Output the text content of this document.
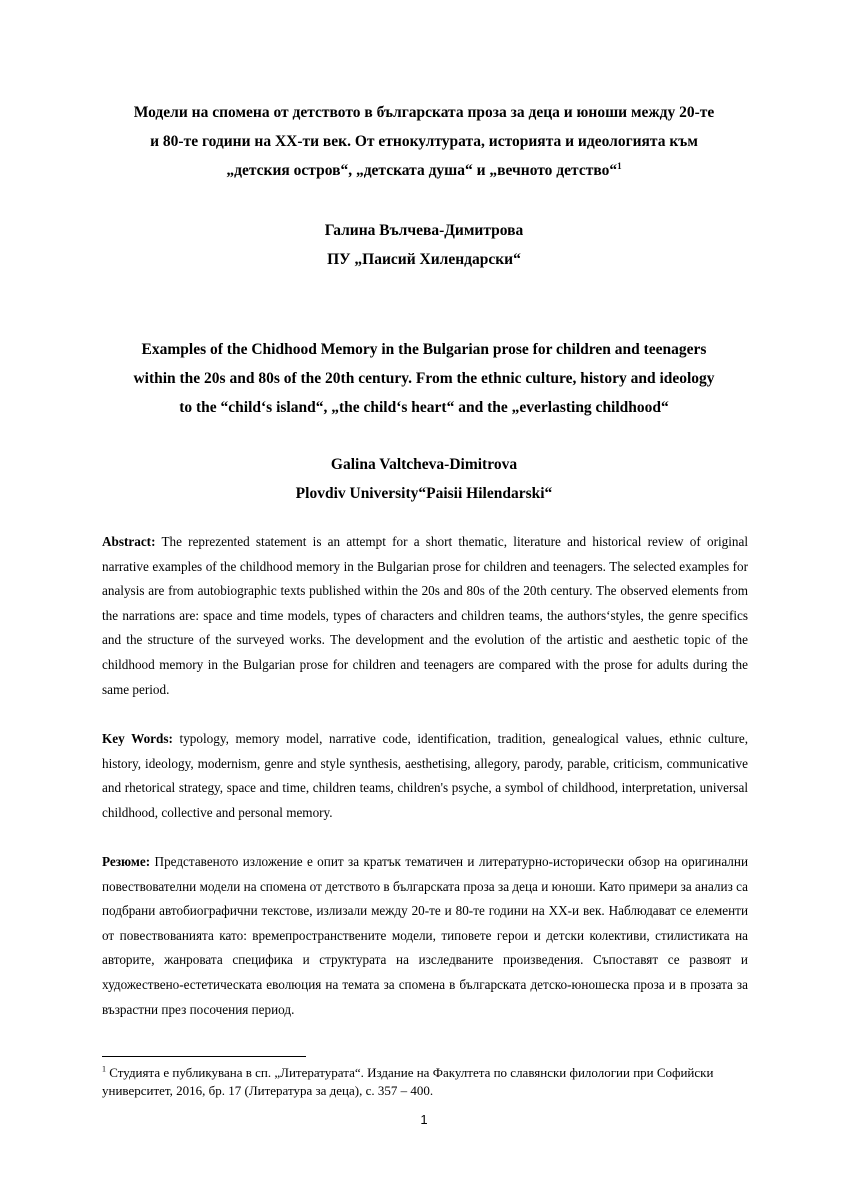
Модели на спомена от детството в българската проза за деца и юноши между 20-те
и 80-те години на XX-ти век. От етнокултурата, историята и идеологията към
„детския остров“, „детската душа“ и „вечното детство“$^1$
Галина Вълчева-Димитрова
ПУ „Паисий Хилендарски“
Examples of the Chidhood Memory in the Bulgarian prose for children and teenagers
within the 20s and 80s of the 20th century. From the ethnic culture, history and ideology
to the “child‘s island“, „the child‘s heart“ and the „everlasting childhood“
Galina Valtcheva-Dimitrova
Plovdiv University“Paisii Hilendarski“
Abstract: The reprezented statement is an attempt for a short thematic, literature and historical review of original narrative examples of the childhood memory in the Bulgarian prose for children and teenagers. The selected examples for analysis are from autobiographic texts published within the 20s and 80s of the 20th century. The observed elements from the narrations are: space and time models, types of characters and children teams, the authors‘styles, the genre specifics and the structure of the surveyed works. The development and the evolution of the artistic and aesthetic topic of the childhood memory in the Bulgarian prose for children and teenagers are compared with the prose for adults during the same period.
Key Words: typology, memory model, narrative code, identification, tradition, genealogical values, ethnic culture, history, ideology, modernism, genre and style synthesis, aesthetising, allegory, parody, parable, criticism, communicative and rhetorical strategy, space and time, children teams, children's psyche, a symbol of childhood, interpretation, universal childhood, collective and personal memory.
Резюме: Представеното изложение е опит за кратък тематичен и литературно-исторически обзор на оригинални повествователни модели на спомена от детството в българската проза за деца и юноши. Като примери за анализ са подбрани автобиографични текстове, излизали между 20-те и 80-те години на XX-и век. Наблюдават се елементи от повествованията като: времепространствените модели, типовете герои и детски колективи, стилистиката на авторите, жанровата специфика и структурата на изследваните произведения. Съпоставят се развоят и художествено-естетическата еволюция на темата за спомена в българската детско-юношеска проза и в прозата за възрастни през посочения период.
$^1$ Студията е публикувана в сп. „Литературата“. Издание на Факултета по славянски филологии при Софийски университет, 2016, бр. 17 (Литература за деца), с. 357 – 400.
1
